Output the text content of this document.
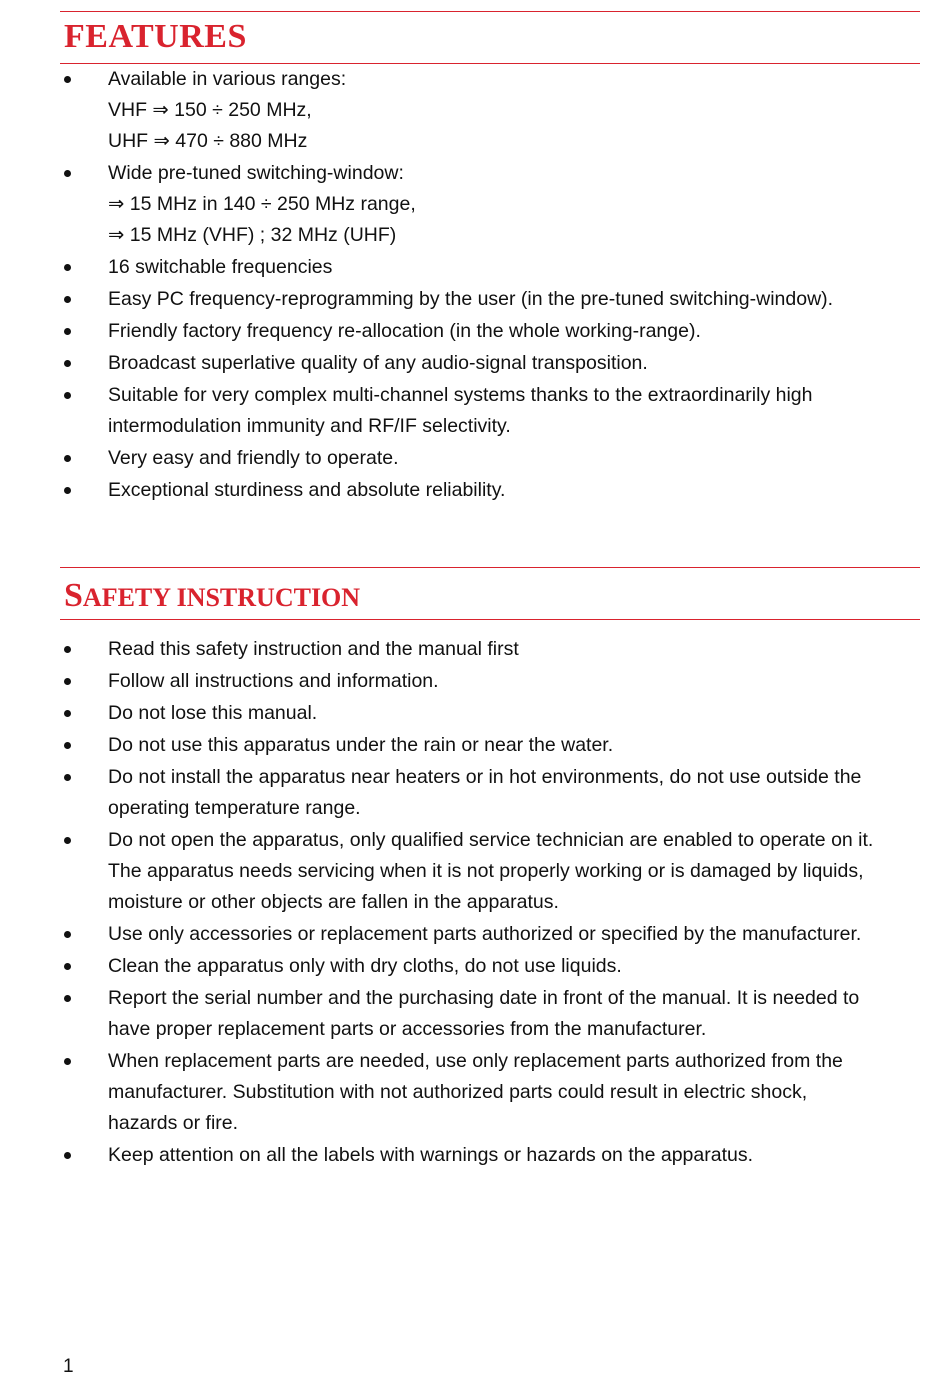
FEATURES
Available in various ranges:
VHF ⇒ 150 ÷ 250 MHz,
UHF ⇒ 470 ÷ 880 MHz
Wide pre-tuned switching-window:
⇒ 15 MHz in 140 ÷ 250 MHz range,
⇒ 15 MHz (VHF) ; 32 MHz (UHF)
16 switchable frequencies
Easy PC frequency-reprogramming by the user (in the pre-tuned switching-window).
Friendly factory frequency re-allocation (in the whole working-range).
Broadcast superlative quality of any audio-signal transposition.
Suitable for very complex multi-channel systems thanks to the extraordinarily high
intermodulation immunity and RF/IF selectivity.
Very easy and friendly to operate.
Exceptional sturdiness and absolute reliability.
SAFETY INSTRUCTION
Read this safety instruction and the manual first
Follow all instructions and information.
Do not lose this manual.
Do not use this apparatus under the rain or near the water.
Do not install the apparatus near heaters or in hot environments, do not use outside the
operating temperature range.
Do not open the apparatus, only qualified service technician are enabled to operate on it.
The apparatus needs servicing when it is not properly working or is damaged by liquids,
moisture or other objects are fallen in the apparatus.
Use only accessories or replacement parts authorized or specified by the manufacturer.
Clean the apparatus only with dry cloths, do not use liquids.
Report the serial number and the purchasing date in front of the manual. It is needed to
have proper replacement parts or accessories from the manufacturer.
When replacement parts are needed, use only replacement parts authorized from the
manufacturer. Substitution with not authorized parts could result in electric shock,
hazards or fire.
Keep attention on all the labels with warnings or hazards on the apparatus.
1
